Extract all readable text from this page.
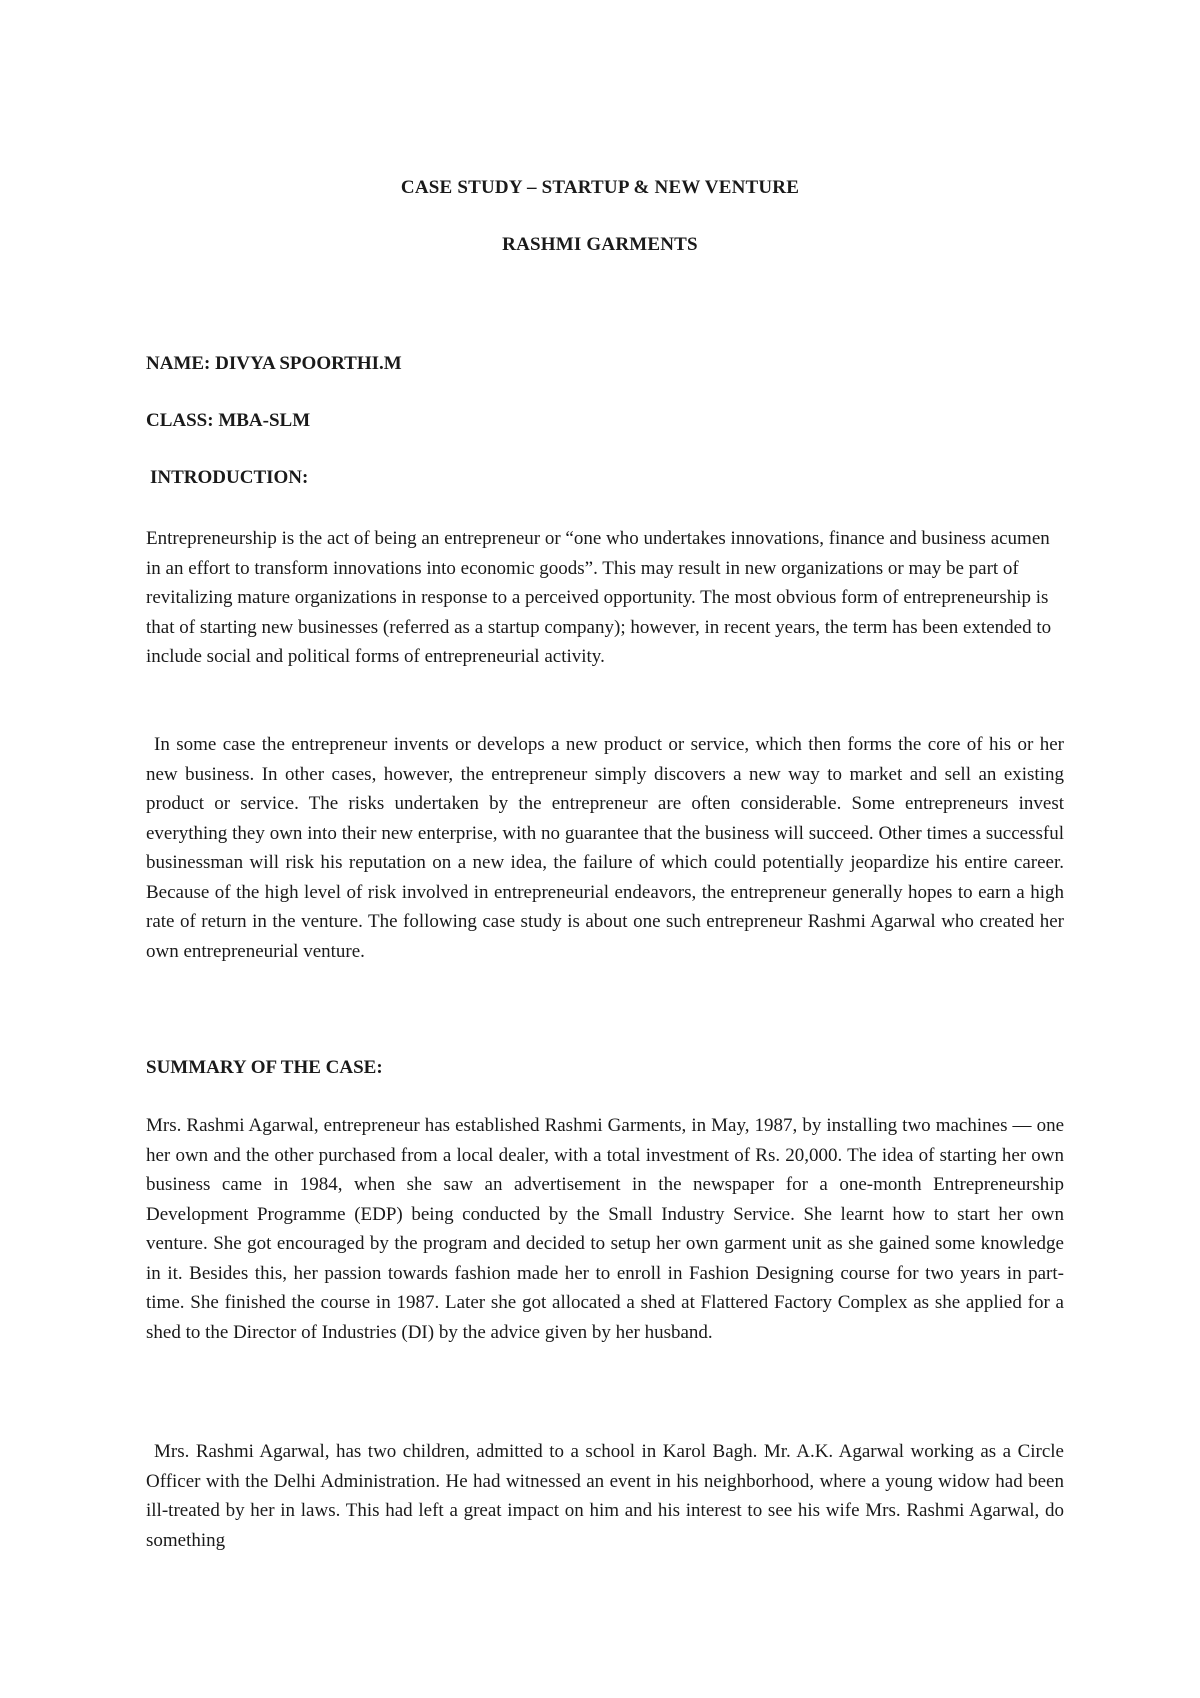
CASE STUDY – STARTUP & NEW VENTURE
RASHMI GARMENTS
NAME: DIVYA SPOORTHI.M
CLASS: MBA-SLM
INTRODUCTION:
Entrepreneurship is the act of being an entrepreneur or “one who undertakes innovations, finance and business acumen in an effort to transform innovations into economic goods”. This may result in new organizations or may be part of revitalizing mature organizations in response to a perceived opportunity. The most obvious form of entrepreneurship is that of starting new businesses (referred as a startup company); however, in recent years, the term has been extended to include social and political forms of entrepreneurial activity.
In some case the entrepreneur invents or develops a new product or service, which then forms the core of his or her new business. In other cases, however, the entrepreneur simply discovers a new way to market and sell an existing product or service. The risks undertaken by the entrepreneur are often considerable. Some entrepreneurs invest everything they own into their new enterprise, with no guarantee that the business will succeed. Other times a successful businessman will risk his reputation on a new idea, the failure of which could potentially jeopardize his entire career. Because of the high level of risk involved in entrepreneurial endeavors, the entrepreneur generally hopes to earn a high rate of return in the venture. The following case study is about one such entrepreneur Rashmi Agarwal who created her own entrepreneurial venture.
SUMMARY OF THE CASE:
Mrs. Rashmi Agarwal, entrepreneur has established Rashmi Garments, in May, 1987, by installing two machines — one her own and the other purchased from a local dealer, with a total investment of Rs. 20,000. The idea of starting her own business came in 1984, when she saw an advertisement in the newspaper for a one-month Entrepreneurship Development Programme (EDP) being conducted by the Small Industry Service. She learnt how to start her own venture. She got encouraged by the program and decided to setup her own garment unit as she gained some knowledge in it. Besides this, her passion towards fashion made her to enroll in Fashion Designing course for two years in part-time. She finished the course in 1987. Later she got allocated a shed at Flattered Factory Complex as she applied for a shed to the Director of Industries (DI) by the advice given by her husband.
Mrs. Rashmi Agarwal, has two children, admitted to a school in Karol Bagh. Mr. A.K. Agarwal working as a Circle Officer with the Delhi Administration. He had witnessed an event in his neighborhood, where a young widow had been ill-treated by her in laws. This had left a great impact on him and his interest to see his wife Mrs. Rashmi Agarwal, do something
